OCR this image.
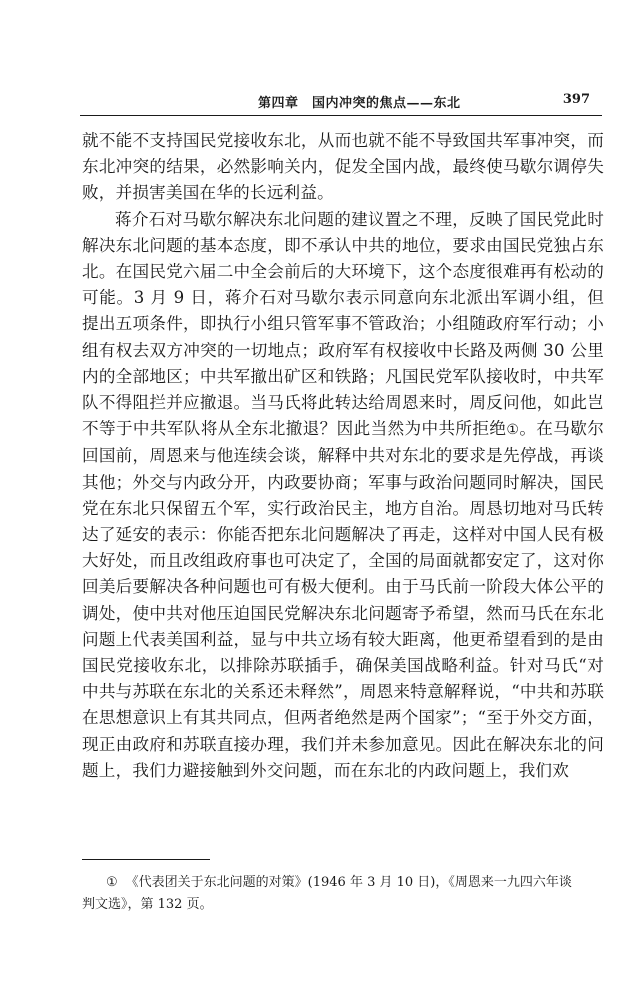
第四章　国内冲突的焦点——东北	397

就不能不支持国民党接收东北，从而也就不能不导致国共军事冲突，而东北冲突的结果，必然影响关内，促发全国内战，最终使马歇尔调停失败，并损害美国在华的长远利益。

蒋介石对马歇尔解决东北问题的建议置之不理，反映了国民党此时解决东北问题的基本态度，即不承认中共的地位，要求由国民党独占东北。在国民党六届二中全会前后的大环境下，这个态度很难再有松动的可能。3 月 9 日，蒋介石对马歇尔表示同意向东北派出军调小组，但提出五项条件，即执行小组只管军事不管政治；小组随政府军行动；小组有权去双方冲突的一切地点；政府军有权接收中长路及两侧 30 公里内的全部地区；中共军撤出矿区和铁路；凡国民党军队接收时，中共军队不得阻拦并应撤退。当马氏将此转达给周恩来时，周反问他，如此岂不等于中共军队将从全东北撤退？因此当然为中共所拒绝①。在马歇尔回国前，周恩来与他连续会谈，解释中共对东北的要求是先停战，再谈其他；外交与内政分开，内政要协商；军事与政治问题同时解决，国民党在东北只保留五个军，实行政治民主，地方自治。周恳切地对马氏转达了延安的表示：你能否把东北问题解决了再走，这样对中国人民有极大好处，而且改组政府事也可决定了，全国的局面就都安定了，这对你回美后要解决各种问题也可有极大便利。由于马氏前一阶段大体公平的调处，使中共对他压迫国民党解决东北问题寄予希望，然而马氏在东北问题上代表美国利益，显与中共立场有较大距离，他更希望看到的是由国民党接收东北，以排除苏联插手，确保美国战略利益。针对马氏“对中共与苏联在东北的关系还未释然”，周恩来特意解释说，“中共和苏联在思想意识上有其共同点，但两者绝然是两个国家”；“至于外交方面，现正由政府和苏联直接办理，我们并未参加意见。因此在解决东北的问题上，我们力避接触到外交问题，而在东北的内政问题上，我们欢

① 《代表团关于东北问题的对策》(1946 年 3 月 10 日)，《周恩来一九四六年谈
判文选》，第 132 页。
